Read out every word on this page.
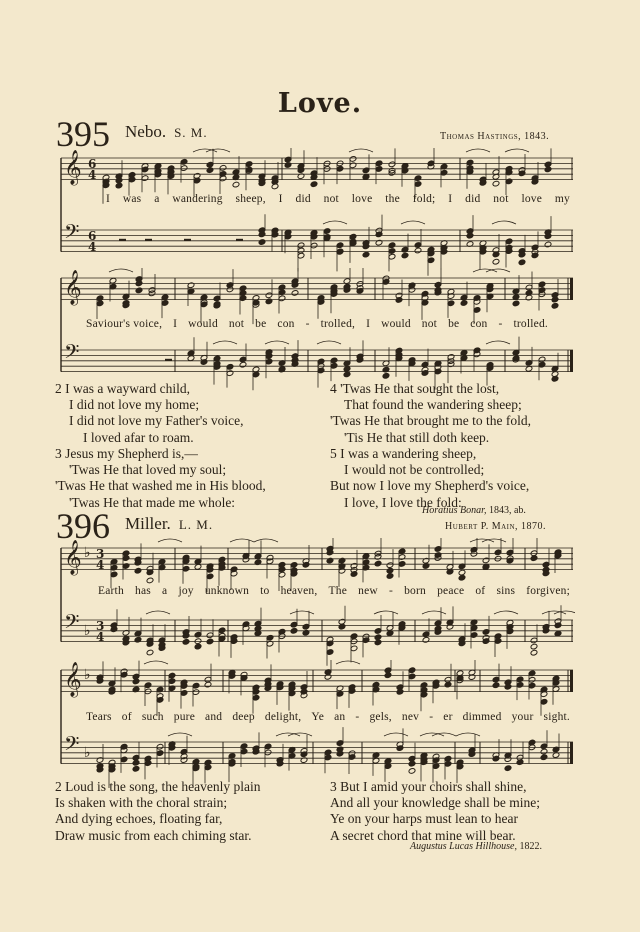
Love.
395 Nebo. S. M.	Thomas Hastings, 1843.
𝄞 6
4
𝄢 6
4
I was a wandering sheep, I did not love the fold; I did not love my
𝄞
𝄢
Saviour's voice, I would not be con - trolled, I would not be con - trolled.
2 I was a wayward child,
I did not love my home;
I did not love my Father's voice,
I loved afar to roam.
3 Jesus my Shepherd is,—
'Twas He that loved my soul;
'Twas He that washed me in His blood,
'Twas He that made me whole:
4 'Twas He that sought the lost,
That found the wandering sheep;
'Twas He that brought me to the fold,
'Tis He that still doth keep.
5 I was a wandering sheep,
I would not be controlled;
But now I love my Shepherd's voice,
I love, I love the fold:
Horatius Bonar, 1843, ab.
396 Miller. L. M.	Hubert P. Main, 1870.
𝄞 ♭ 3
4
𝄢 ♭ 3
4
Earth has a joy unknown to heaven, The new - born peace of sins forgiven;
𝄞 ♭
𝄢 ♭
Tears of such pure and deep delight, Ye an - gels, nev - er dimmed your sight.
2 Loud is the song, the heavenly plain
Is shaken with the choral strain;
And dying echoes, floating far,
Draw music from each chiming star.
3 But I amid your choirs shall shine,
And all your knowledge shall be mine;
Ye on your harps must lean to hear
A secret chord that mine will bear.
Augustus Lucas Hillhouse, 1822.
